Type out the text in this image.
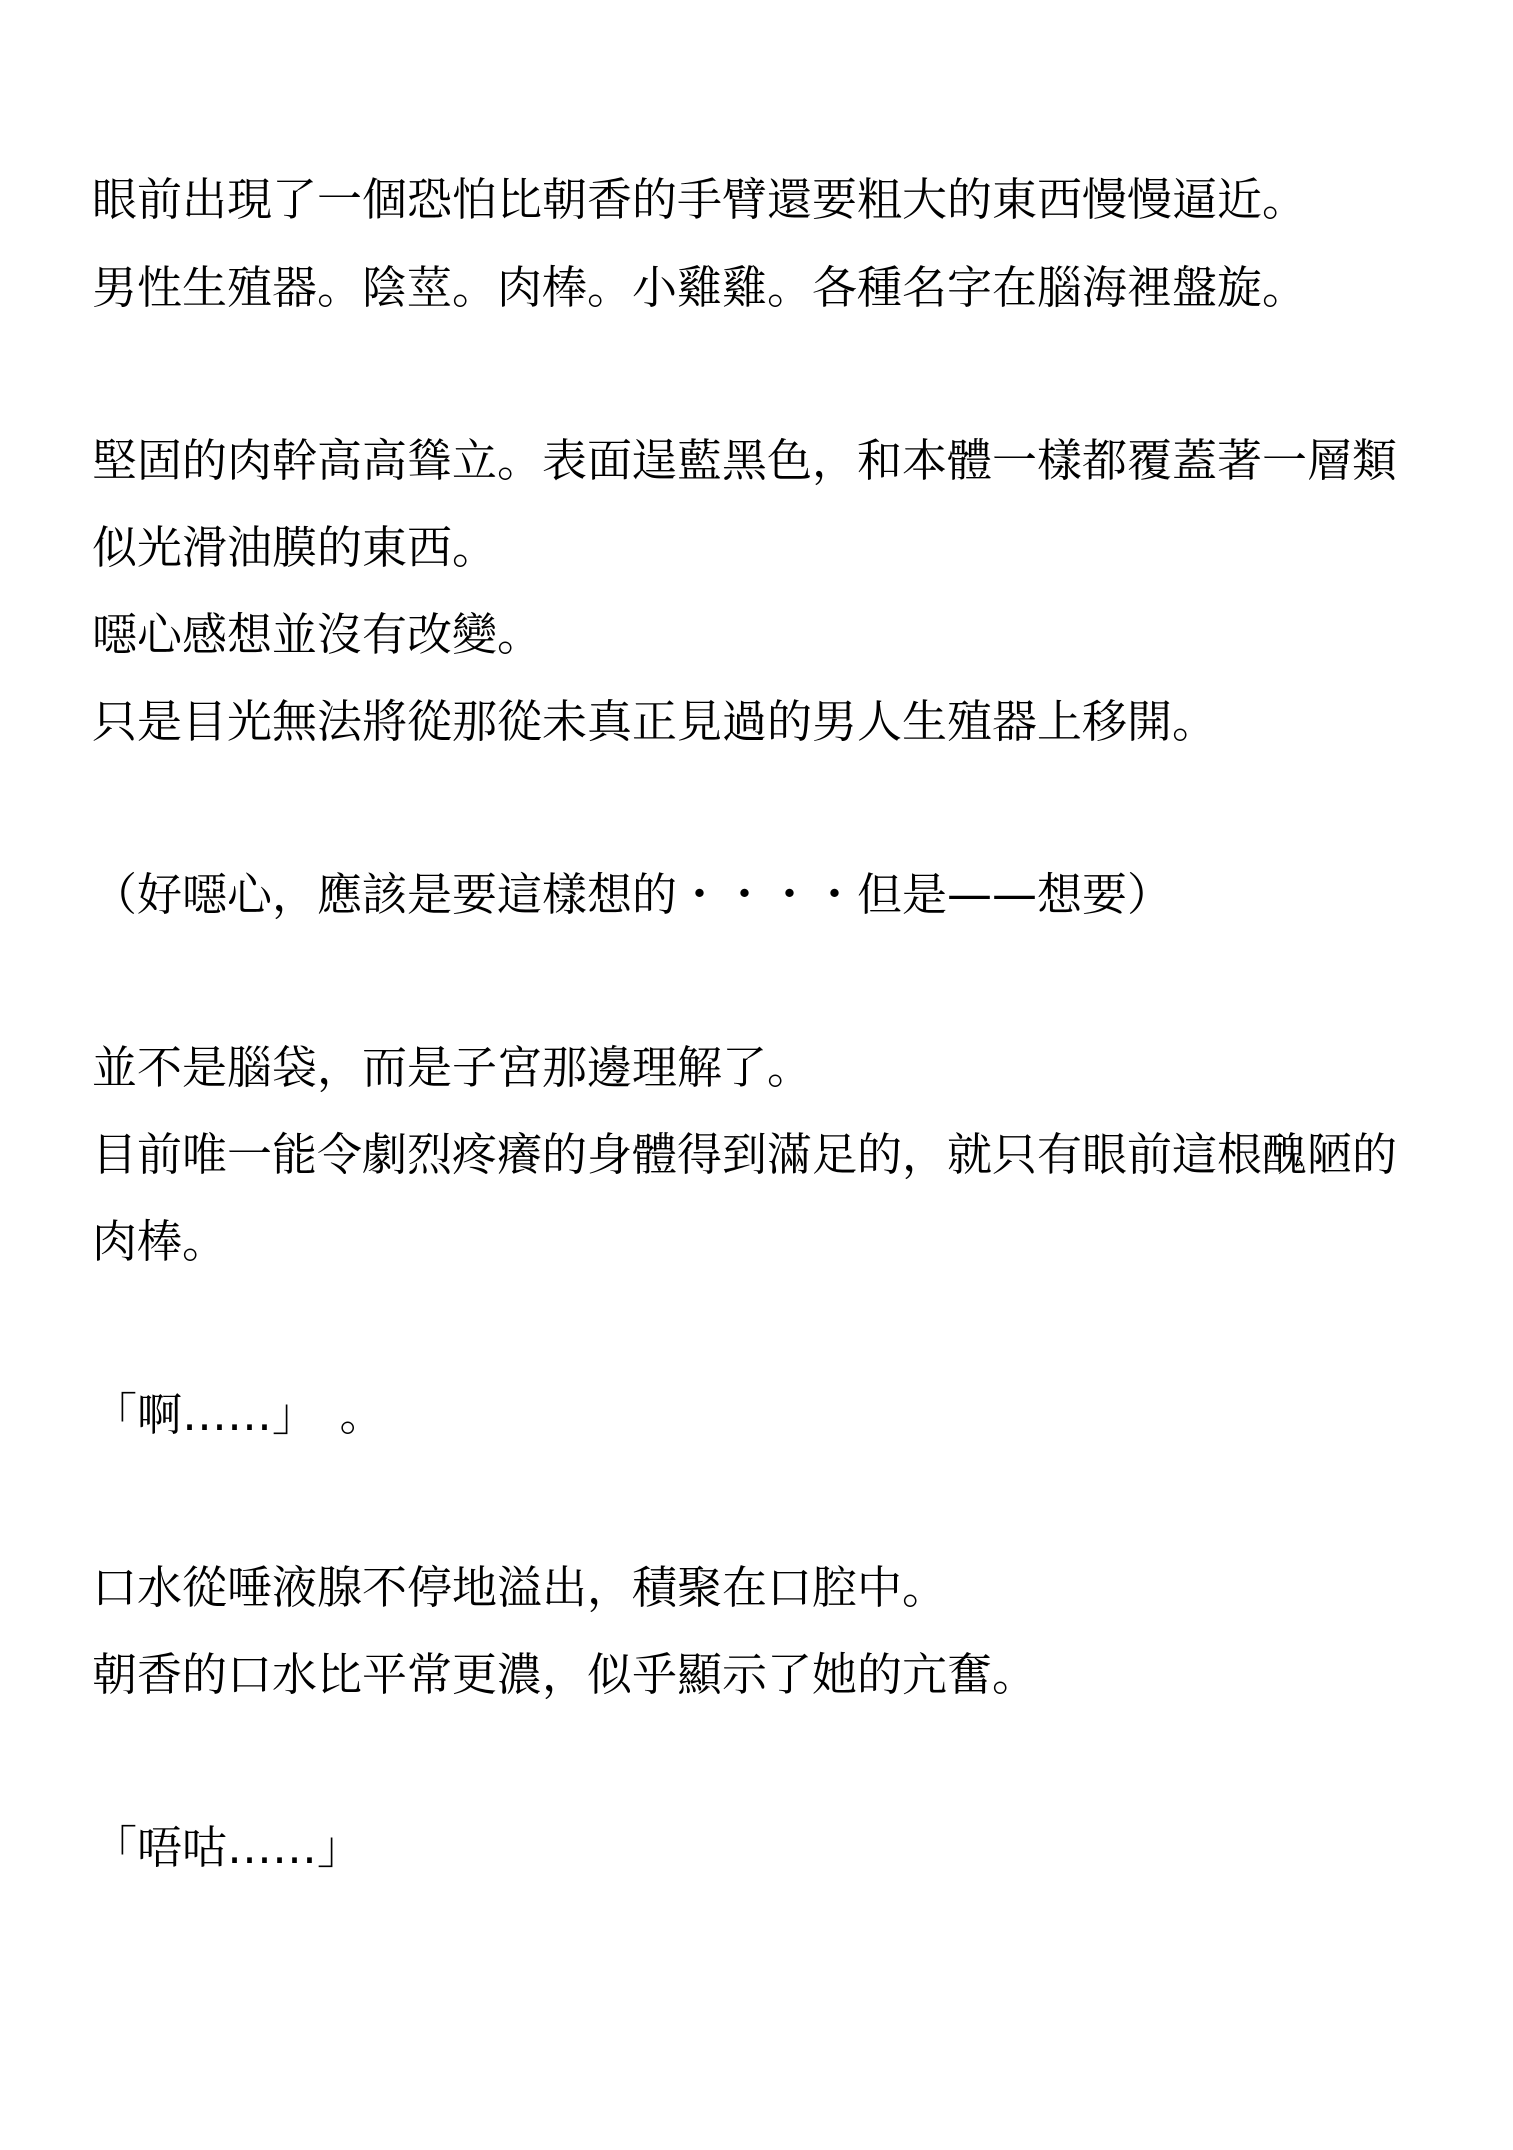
眼前出現了一個恐怕比朝香的手臂還要粗大的東西慢慢逼近。

男性生殖器。陰莖。肉棒。小雞雞。各種名字在腦海裡盤旋。

堅固的肉幹高高聳立。表面逞藍黑色，和本體一樣都覆蓋著一層類

似光滑油膜的東西。

噁心感想並沒有改變。

只是目光無法將從那從未真正見過的男人生殖器上移開。

（好噁心，應該是要這樣想的・・・・但是——想要）

並不是腦袋，而是子宮那邊理解了。

目前唯一能令劇烈疼癢的身體得到滿足的，就只有眼前這根醜陋的

肉棒。

「啊……」　。

口水從唾液腺不停地溢出，積聚在口腔中。

朝香的口水比平常更濃，似乎顯示了她的亢奮。

「唔咕……」
